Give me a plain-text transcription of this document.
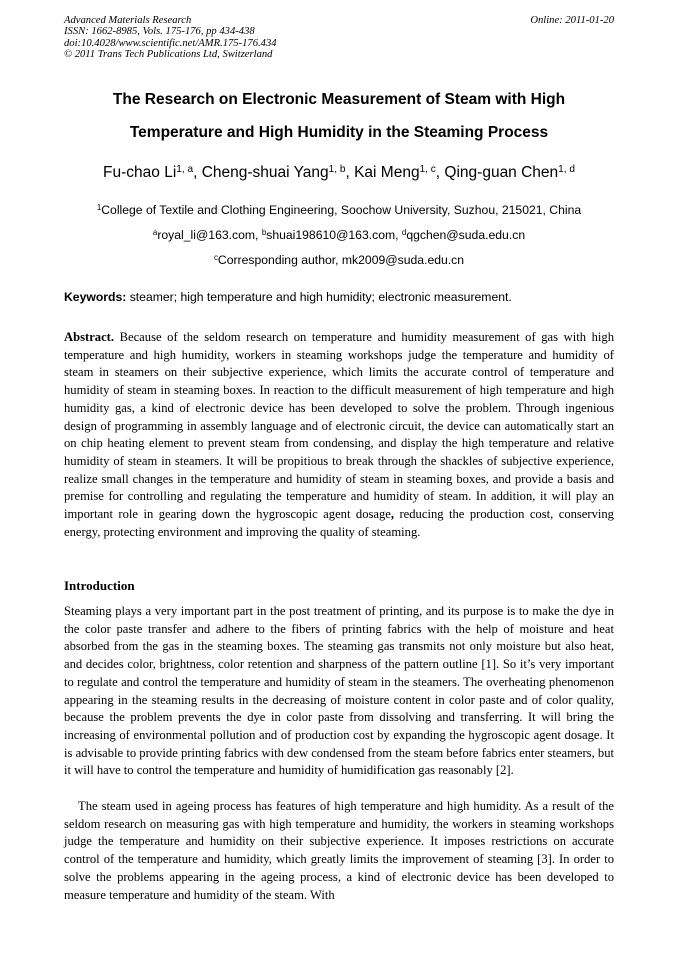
Advanced Materials Research
ISSN: 1662-8985, Vols. 175-176, pp 434-438
doi:10.4028/www.scientific.net/AMR.175-176.434
© 2011 Trans Tech Publications Ltd, Switzerland
Online: 2011-01-20
The Research on Electronic Measurement of Steam with High
Temperature and High Humidity in the Steaming Process
Fu-chao Li$^{1, a}$, Cheng-shuai Yang$^{1, b}$, Kai Meng$^{1, c}$, Qing-guan Chen$^{1, d}$
$^1$College of Textile and Clothing Engineering, Soochow University, Suzhou, 215021, China
$^a$royal_li@163.com, $^b$shuai198610@163.com, $^d$qgchen@suda.edu.cn
$^c$Corresponding author, mk2009@suda.edu.cn
Keywords: steamer; high temperature and high humidity; electronic measurement.

Abstract. Because of the seldom research on temperature and humidity measurement of gas with high temperature and high humidity, workers in steaming workshops judge the temperature and humidity of steam in steamers on their subjective experience, which limits the accurate control of temperature and humidity of steam in steaming boxes. In reaction to the difficult measurement of high temperature and high humidity gas, a kind of electronic device has been developed to solve the problem. Through ingenious design of programming in assembly language and of electronic circuit, the device can automatically start an on chip heating element to prevent steam from condensing, and display the high temperature and relative humidity of steam in steamers. It will be propitious to break through the shackles of subjective experience, realize small changes in the temperature and humidity of steam in steaming boxes, and provide a basis and premise for controlling and regulating the temperature and humidity of steam. In addition, it will play an important role in gearing down the hygroscopic agent dosage, reducing the production cost, conserving energy, protecting environment and improving the quality of steaming.

Introduction

Steaming plays a very important part in the post treatment of printing, and its purpose is to make the dye in the color paste transfer and adhere to the fibers of printing fabrics with the help of moisture and heat absorbed from the gas in the steaming boxes. The steaming gas transmits not only moisture but also heat, and decides color, brightness, color retention and sharpness of the pattern outline [1]. So it’s very important to regulate and control the temperature and humidity of steam in the steamers. The overheating phenomenon appearing in the steaming results in the decreasing of moisture content in color paste and of color quality, because the problem prevents the dye in color paste from dissolving and transferring. It will bring the increasing of environmental pollution and of production cost by expanding the hygroscopic agent dosage. It is advisable to provide printing fabrics with dew condensed from the steam before fabrics enter steamers, but it will have to control the temperature and humidity of humidification gas reasonably [2].

The steam used in ageing process has features of high temperature and high humidity. As a result of the seldom research on measuring gas with high temperature and humidity, the workers in steaming workshops judge the temperature and humidity on their subjective experience. It imposes restrictions on accurate control of the temperature and humidity, which greatly limits the improvement of steaming [3]. In order to solve the problems appearing in the ageing process, a kind of electronic device has been developed to measure temperature and humidity of the steam. With
